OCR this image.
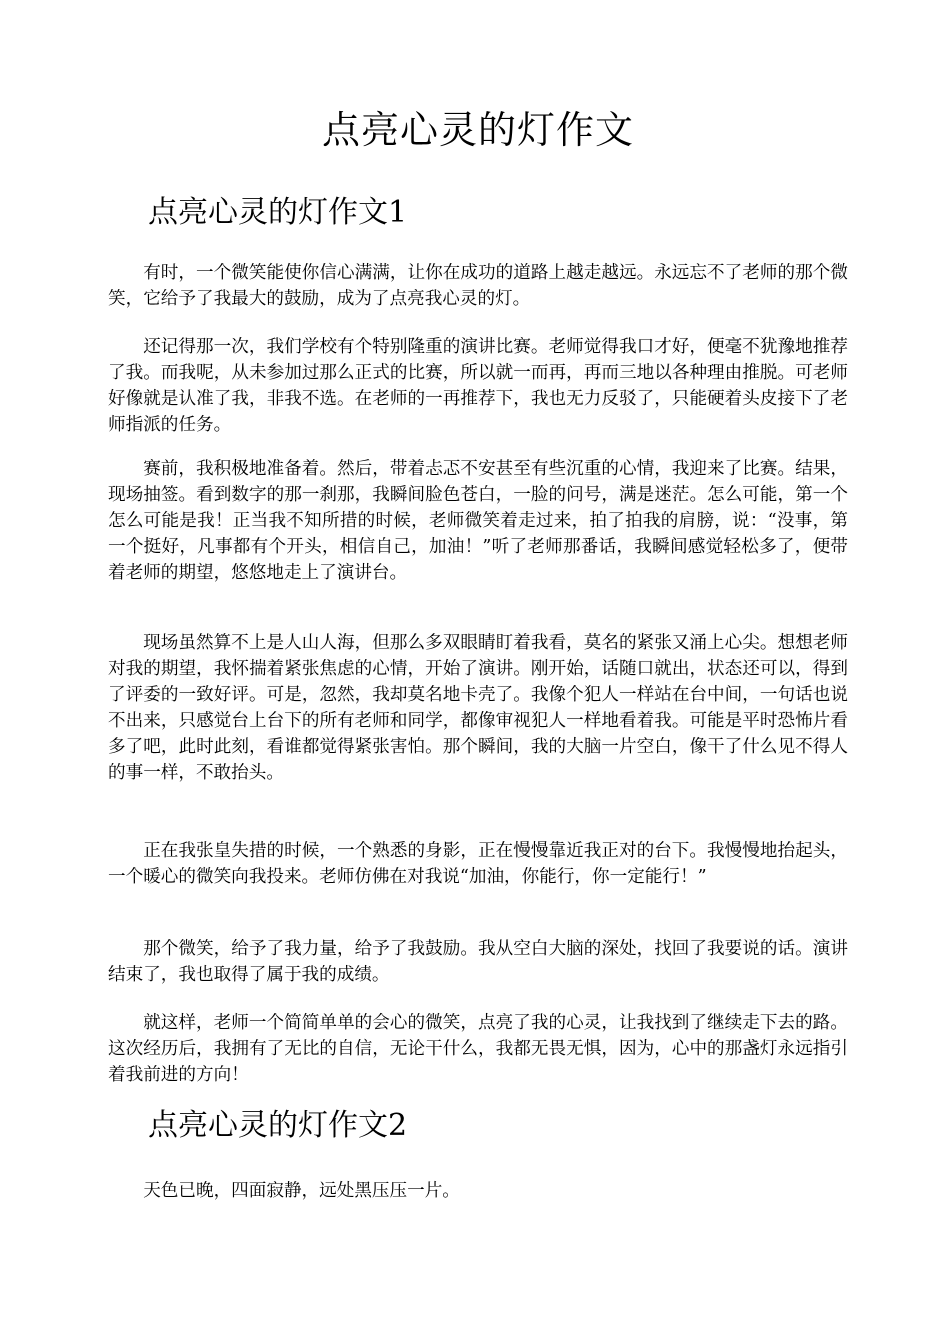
点亮心灵的灯作文
点亮心灵的灯作文1

有时，一个微笑能使你信心满满，让你在成功的道路上越走越远。永远忘不了老师的那个微笑，它给予了我最大的鼓励，成为了点亮我心灵的灯。

还记得那一次，我们学校有个特别隆重的演讲比赛。老师觉得我口才好，便毫不犹豫地推荐了我。而我呢，从未参加过那么正式的比赛，所以就一而再，再而三地以各种理由推脱。可老师好像就是认准了我，非我不选。在老师的一再推荐下，我也无力反驳了，只能硬着头皮接下了老师指派的任务。

赛前，我积极地准备着。然后，带着忐忑不安甚至有些沉重的心情，我迎来了比赛。结果，现场抽签。看到数字的那一刹那，我瞬间脸色苍白，一脸的问号，满是迷茫。怎么可能，第一个怎么可能是我！正当我不知所措的时候，老师微笑着走过来，拍了拍我的肩膀，说：“没事，第一个挺好，凡事都有个开头，相信自己，加油！”听了老师那番话，我瞬间感觉轻松多了，便带着老师的期望，悠悠地走上了演讲台。

现场虽然算不上是人山人海，但那么多双眼睛盯着我看，莫名的紧张又涌上心尖。想想老师对我的期望，我怀揣着紧张焦虑的心情，开始了演讲。刚开始，话随口就出，状态还可以，得到了评委的一致好评。可是，忽然，我却莫名地卡壳了。我像个犯人一样站在台中间，一句话也说不出来，只感觉台上台下的所有老师和同学，都像审视犯人一样地看着我。可能是平时恐怖片看多了吧，此时此刻，看谁都觉得紧张害怕。那个瞬间，我的大脑一片空白，像干了什么见不得人的事一样，不敢抬头。

正在我张皇失措的时候，一个熟悉的身影，正在慢慢靠近我正对的台下。我慢慢地抬起头，一个暖心的微笑向我投来。老师仿佛在对我说“加油，你能行，你一定能行！”

那个微笑，给予了我力量，给予了我鼓励。我从空白大脑的深处，找回了我要说的话。演讲结束了，我也取得了属于我的成绩。

就这样，老师一个简简单单的会心的微笑，点亮了我的心灵，让我找到了继续走下去的路。这次经历后，我拥有了无比的自信，无论干什么，我都无畏无惧，因为，心中的那盏灯永远指引着我前进的方向！

点亮心灵的灯作文2

天色已晚，四面寂静，远处黑压压一片。
